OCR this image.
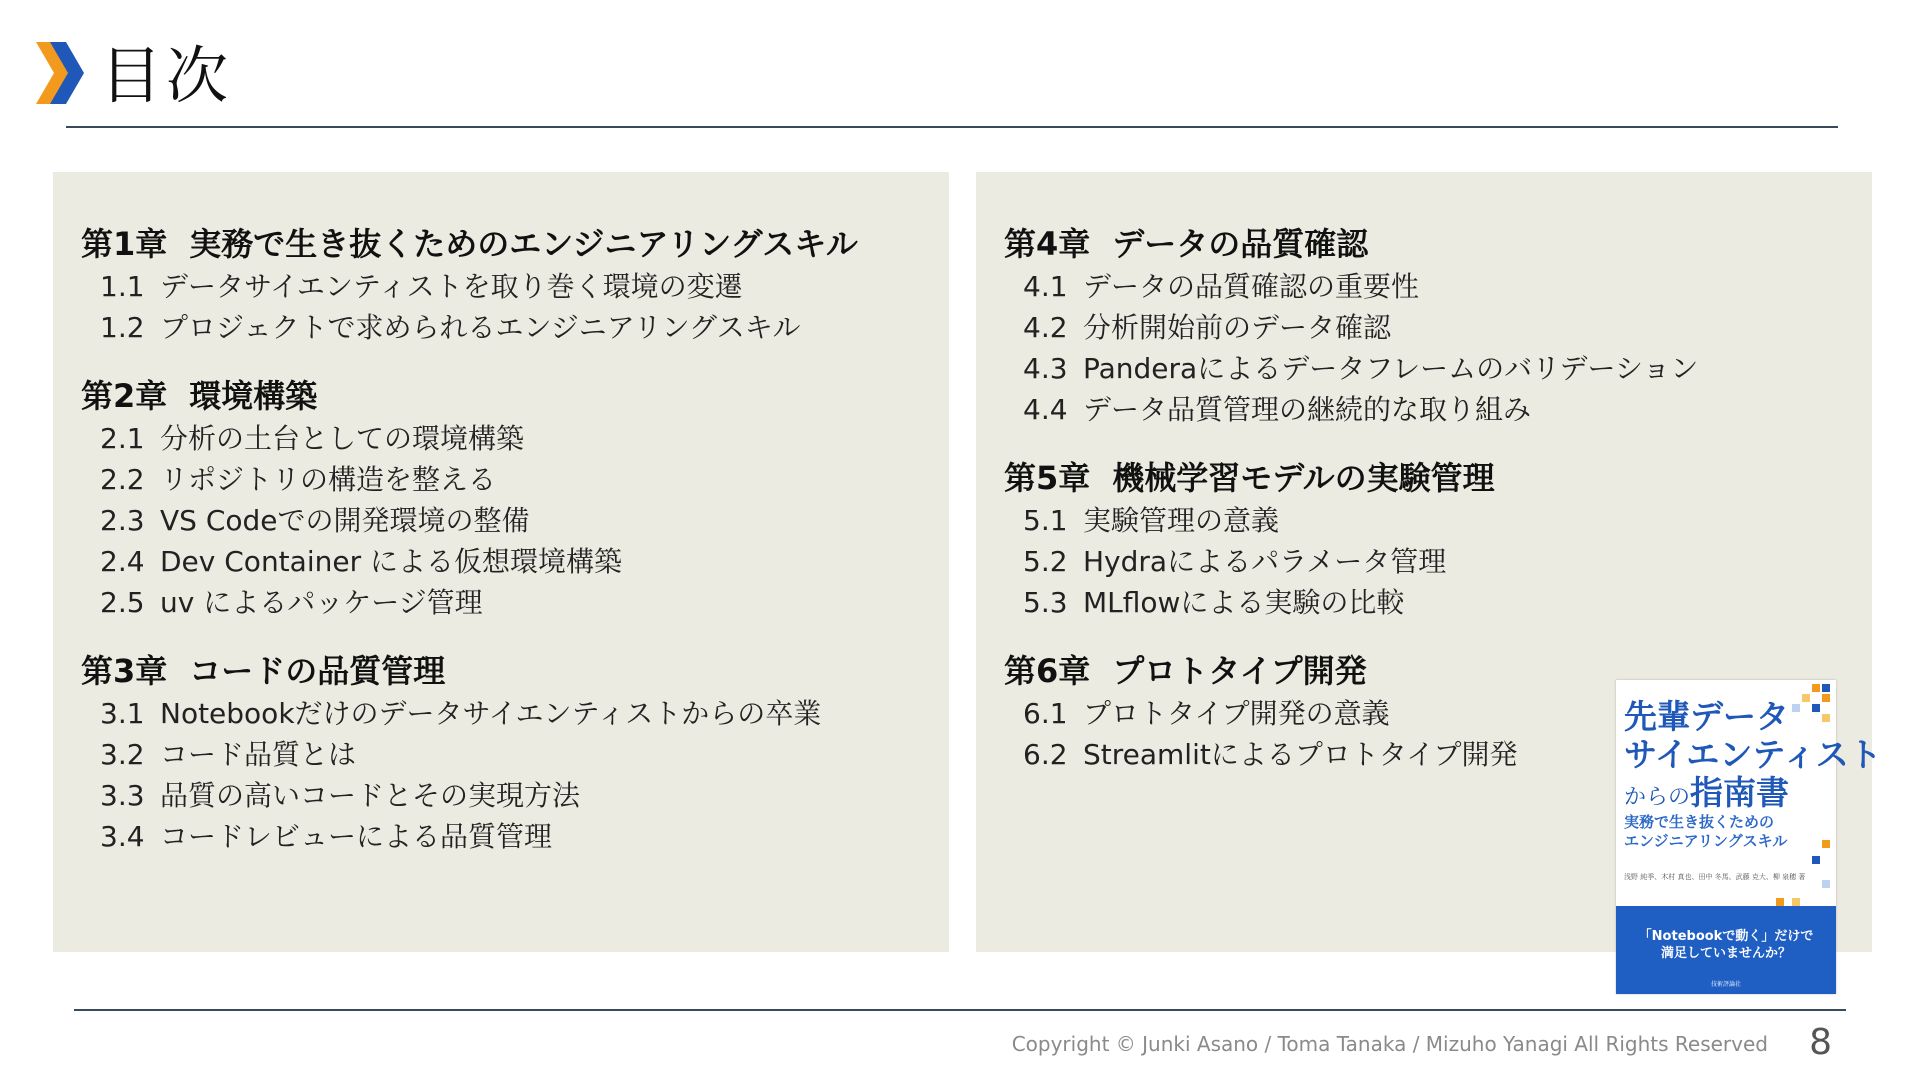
目次
第1章 実務で生き抜くためのエンジニアリングスキル
1.1 データサイエンティストを取り巻く環境の変遷
1.2 プロジェクトで求められるエンジニアリングスキル
第2章 環境構築
2.1 分析の土台としての環境構築
2.2 リポジトリの構造を整える
2.3 VS Codeでの開発環境の整備
2.4 Dev Container による仮想環境構築
2.5 uv によるパッケージ管理
第3章 コードの品質管理
3.1 Notebookだけのデータサイエンティストからの卒業
3.2 コード品質とは
3.3 品質の高いコードとその実現方法
3.4 コードレビューによる品質管理
第4章 データの品質確認
4.1 データの品質確認の重要性
4.2 分析開始前のデータ確認
4.3 Panderaによるデータフレームのバリデーション
4.4 データ品質管理の継続的な取り組み
第5章 機械学習モデルの実験管理
5.1 実験管理の意義
5.2 Hydraによるパラメータ管理
5.3 MLflowによる実験の比較
第6章 プロトタイプ開発
6.1 プロトタイプ開発の意義
6.2 Streamlitによるプロトタイプ開発
先輩データ
サイエンティスト
からの指南書
実務で生き抜くための
エンジニアリングスキル
浅野 純季、木村 真也、田中 冬馬、武藤 克大、柳 泉穂 著
「Notebookで動く」だけで
満足していませんか？
技術評論社
Copyright © Junki Asano / Toma Tanaka / Mizuho Yanagi All Rights Reserved 8
